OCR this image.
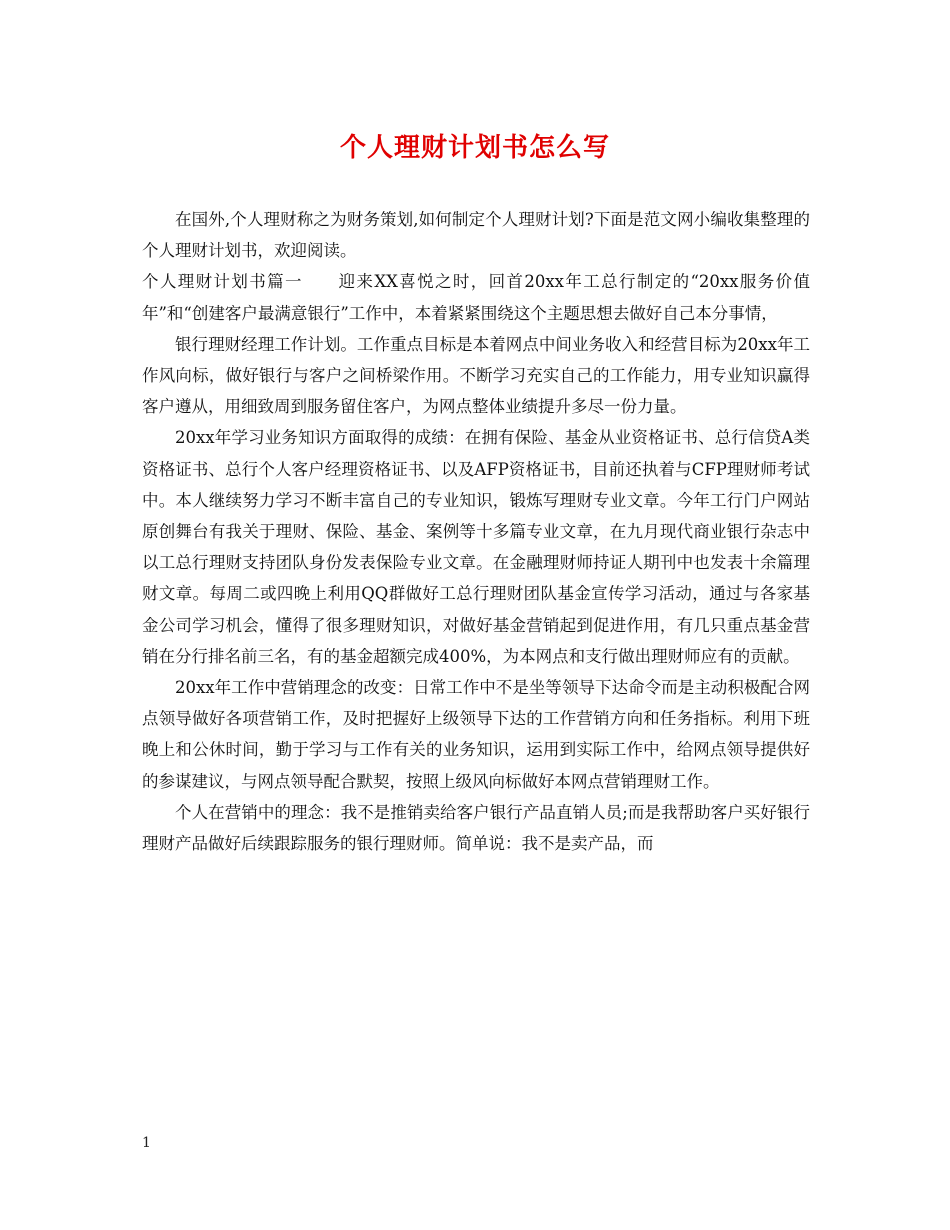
个人理财计划书怎么写

在国外,个人理财称之为财务策划,如何制定个人理财计划?下面是范文网小编收集整理的个人理财计划书，欢迎阅读。

个人理财计划书篇一　　迎来XX喜悦之时，回首20xx年工总行制定的“20xx服务价值年”和“创建客户最满意银行”工作中，本着紧紧围绕这个主题思想去做好自己本分事情，

银行理财经理工作计划。工作重点目标是本着网点中间业务收入和经营目标为20xx年工作风向标，做好银行与客户之间桥梁作用。不断学习充实自己的工作能力，用专业知识赢得客户遵从，用细致周到服务留住客户，为网点整体业绩提升多尽一份力量。

20xx年学习业务知识方面取得的成绩：在拥有保险、基金从业资格证书、总行信贷A类资格证书、总行个人客户经理资格证书、以及AFP资格证书，目前还执着与CFP理财师考试中。本人继续努力学习不断丰富自己的专业知识，锻炼写理财专业文章。今年工行门户网站原创舞台有我关于理财、保险、基金、案例等十多篇专业文章，在九月现代商业银行杂志中以工总行理财支持团队身份发表保险专业文章。在金融理财师持证人期刊中也发表十余篇理财文章。每周二或四晚上利用QQ群做好工总行理财团队基金宣传学习活动，通过与各家基金公司学习机会，懂得了很多理财知识，对做好基金营销起到促进作用，有几只重点基金营销在分行排名前三名，有的基金超额完成400%，为本网点和支行做出理财师应有的贡献。

20xx年工作中营销理念的改变：日常工作中不是坐等领导下达命令而是主动积极配合网点领导做好各项营销工作，及时把握好上级领导下达的工作营销方向和任务指标。利用下班晚上和公休时间，勤于学习与工作有关的业务知识，运用到实际工作中，给网点领导提供好的参谋建议，与网点领导配合默契，按照上级风向标做好本网点营销理财工作。

个人在营销中的理念：我不是推销卖给客户银行产品直销人员;而是我帮助客户买好银行理财产品做好后续跟踪服务的银行理财师。简单说：我不是卖产品，而

1
